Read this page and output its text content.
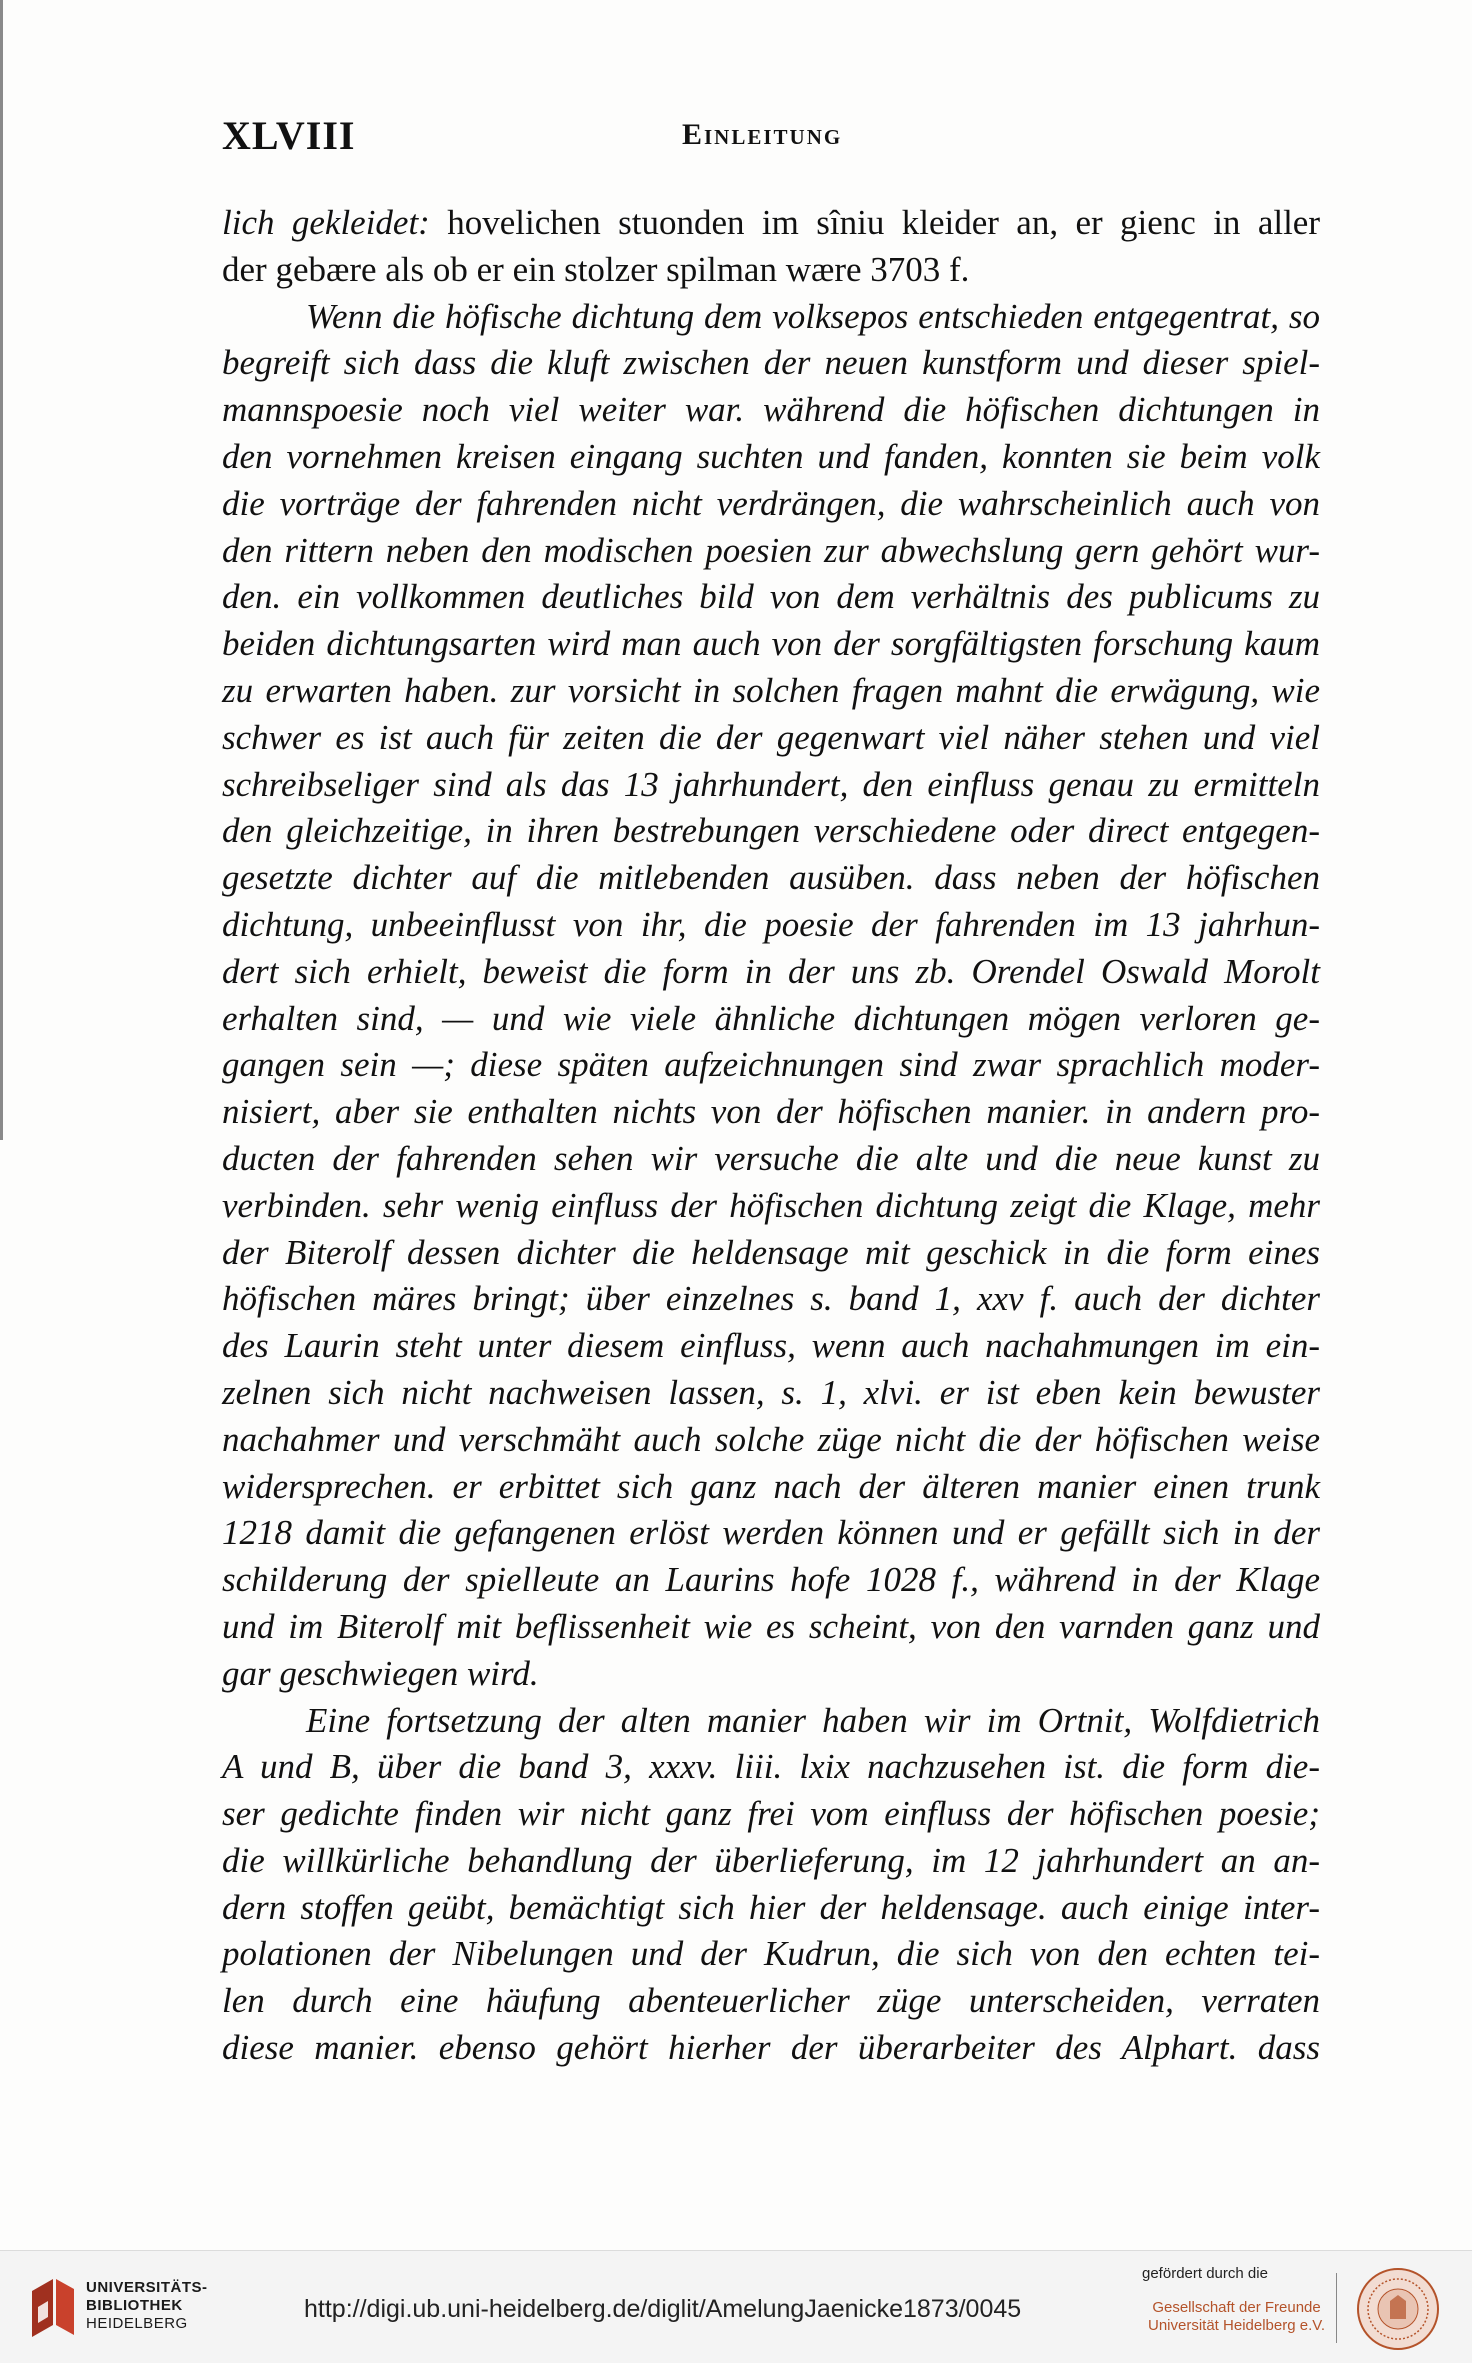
XLVIII	Einleitung
lich gekleidet: hovelichen stuonden im sîniu kleider an, er gienc in aller
der gebære als ob er ein stolzer spilman wære 3703 f.
Wenn die höfische dichtung dem volksepos entschieden entgegentrat, so
begreift sich dass die kluft zwischen der neuen kunstform und dieser spiel-
mannspoesie noch viel weiter war. während die höfischen dichtungen in
den vornehmen kreisen eingang suchten und fanden, konnten sie beim volk
die vorträge der fahrenden nicht verdrängen, die wahrscheinlich auch von
den rittern neben den modischen poesien zur abwechslung gern gehört wur-
den. ein vollkommen deutliches bild von dem verhältnis des publicums zu
beiden dichtungsarten wird man auch von der sorgfältigsten forschung kaum
zu erwarten haben. zur vorsicht in solchen fragen mahnt die erwägung, wie
schwer es ist auch für zeiten die der gegenwart viel näher stehen und viel
schreibseliger sind als das 13 jahrhundert, den einfluss genau zu ermitteln
den gleichzeitige, in ihren bestrebungen verschiedene oder direct entgegen-
gesetzte dichter auf die mitlebenden ausüben. dass neben der höfischen
dichtung, unbeeinflusst von ihr, die poesie der fahrenden im 13 jahrhun-
dert sich erhielt, beweist die form in der uns zb. Orendel Oswald Morolt
erhalten sind, — und wie viele ähnliche dichtungen mögen verloren ge-
gangen sein —; diese späten aufzeichnungen sind zwar sprachlich moder-
nisiert, aber sie enthalten nichts von der höfischen manier. in andern pro-
ducten der fahrenden sehen wir versuche die alte und die neue kunst zu
verbinden. sehr wenig einfluss der höfischen dichtung zeigt die Klage, mehr
der Biterolf dessen dichter die heldensage mit geschick in die form eines
höfischen märes bringt; über einzelnes s. band 1, xxv f. auch der dichter
des Laurin steht unter diesem einfluss, wenn auch nachahmungen im ein-
zelnen sich nicht nachweisen lassen, s. 1, xlvi. er ist eben kein bewuster
nachahmer und verschmäht auch solche züge nicht die der höfischen weise
widersprechen. er erbittet sich ganz nach der älteren manier einen trunk
1218 damit die gefangenen erlöst werden können und er gefällt sich in der
schilderung der spielleute an Laurins hofe 1028 f., während in der Klage
und im Biterolf mit beflissenheit wie es scheint, von den varnden ganz und
gar geschwiegen wird.
Eine fortsetzung der alten manier haben wir im Ortnit, Wolfdietrich
A und B, über die band 3, xxxv. liii. lxix nachzusehen ist. die form die-
ser gedichte finden wir nicht ganz frei vom einfluss der höfischen poesie;
die willkürliche behandlung der überlieferung, im 12 jahrhundert an an-
dern stoffen geübt, bemächtigt sich hier der heldensage. auch einige inter-
polationen der Nibelungen und der Kudrun, die sich von den echten tei-
len durch eine häufung abenteuerlicher züge unterscheiden, verraten
diese manier. ebenso gehört hierher der überarbeiter des Alphart. dass
UNIVERSITÄTS-
BIBLIOTHEK
HEIDELBERG
http://digi.ub.uni-heidelberg.de/diglit/AmelungJaenicke1873/0045
gefördert durch die
Gesellschaft der Freunde
Universität Heidelberg e.V.
